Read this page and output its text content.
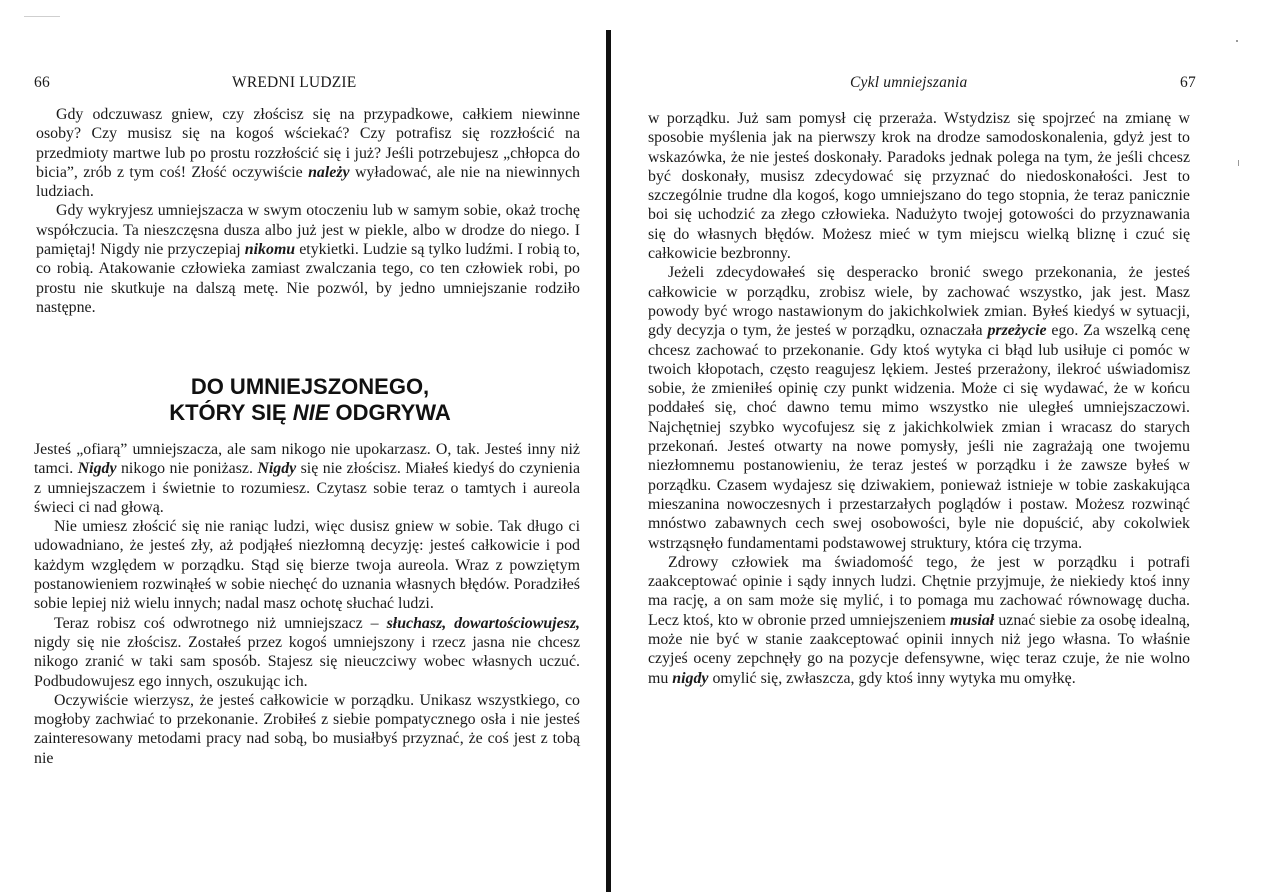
66	WREDNI LUDZIE

Gdy odczuwasz gniew, czy złościsz się na przypadkowe, całkiem niewinne osoby? Czy musisz się na kogoś wściekać? Czy potrafisz się rozzłościć na przedmioty martwe lub po prostu rozzłościć się i już? Jeśli potrzebujesz „chłopca do bicia”, zrób z tym coś! Złość oczywiście należy wyładować, ale nie na niewinnych ludziach.

Gdy wykryjesz umniejszacza w swym otoczeniu lub w samym sobie, okaż trochę współczucia. Ta nieszczęsna dusza albo już jest w piekle, albo w drodze do niego. I pamiętaj! Nigdy nie przyczepiaj nikomu etykietki. Ludzie są tylko ludźmi. I robią to, co robią. Atakowanie człowieka zamiast zwalczania tego, co ten człowiek robi, po prostu nie skutkuje na dalszą metę. Nie pozwól, by jedno umniejszanie rodziło następne.

DO UMNIEJSZONEGO,
KTÓRY SIĘ NIE ODGRYWA

Jesteś „ofiarą” umniejszacza, ale sam nikogo nie upokarzasz. O, tak. Jesteś inny niż tamci. Nigdy nikogo nie poniżasz. Nigdy się nie złościsz. Miałeś kiedyś do czynienia z umniejszaczem i świetnie to rozumiesz. Czytasz sobie teraz o tamtych i aureola świeci ci nad głową.

Nie umiesz złościć się nie raniąc ludzi, więc dusisz gniew w sobie. Tak długo ci udowadniano, że jesteś zły, aż podjąłeś niezłomną decyzję: jesteś całkowicie i pod każdym względem w porządku. Stąd się bierze twoja aureola. Wraz z powziętym postanowieniem rozwinąłeś w sobie niechęć do uznania własnych błędów. Poradziłeś sobie lepiej niż wielu innych; nadal masz ochotę słuchać ludzi.

Teraz robisz coś odwrotnego niż umniejszacz – słuchasz, dowartościowujesz, nigdy się nie złościsz. Zostałeś przez kogoś umniejszony i rzecz jasna nie chcesz nikogo zranić w taki sam sposób. Stajesz się nieuczciwy wobec własnych uczuć. Podbudowujesz ego innych, oszukując ich.

Oczywiście wierzysz, że jesteś całkowicie w porządku. Unikasz wszystkiego, co mogłoby zachwiać to przekonanie. Zrobiłeś z siebie pompatycznego osła i nie jesteś zainteresowany metodami pracy nad sobą, bo musiałbyś przyznać, że coś jest z tobą nie

Cykl umniejszania	67

w porządku. Już sam pomysł cię przeraża. Wstydzisz się spojrzeć na zmianę w sposobie myślenia jak na pierwszy krok na drodze samodoskonalenia, gdyż jest to wskazówka, że nie jesteś doskonały. Paradoks jednak polega na tym, że jeśli chcesz być doskonały, musisz zdecydować się przyznać do niedoskonałości. Jest to szczególnie trudne dla kogoś, kogo umniejszano do tego stopnia, że teraz panicznie boi się uchodzić za złego człowieka. Nadużyto twojej gotowości do przyznawania się do własnych błędów. Możesz mieć w tym miejscu wielką bliznę i czuć się całkowicie bezbronny.

Jeżeli zdecydowałeś się desperacko bronić swego przekonania, że jesteś całkowicie w porządku, zrobisz wiele, by zachować wszystko, jak jest. Masz powody być wrogo nastawionym do jakichkolwiek zmian. Byłeś kiedyś w sytuacji, gdy decyzja o tym, że jesteś w porządku, oznaczała przeżycie ego. Za wszelką cenę chcesz zachować to przekonanie. Gdy ktoś wytyka ci błąd lub usiłuje ci pomóc w twoich kłopotach, często reagujesz lękiem. Jesteś przerażony, ilekroć uświadomisz sobie, że zmieniłeś opinię czy punkt widzenia. Może ci się wydawać, że w końcu poddałeś się, choć dawno temu mimo wszystko nie uległeś umniejszaczowi. Najchętniej szybko wycofujesz się z jakichkolwiek zmian i wracasz do starych przekonań. Jesteś otwarty na nowe pomysły, jeśli nie zagrażają one twojemu niezłomnemu postanowieniu, że teraz jesteś w porządku i że zawsze byłeś w porządku. Czasem wydajesz się dziwakiem, ponieważ istnieje w tobie zaskakująca mieszanina nowoczesnych i przestarzałych poglądów i postaw. Możesz rozwinąć mnóstwo zabawnych cech swej osobowości, byle nie dopuścić, aby cokolwiek wstrząsnęło fundamentami podstawowej struktury, która cię trzyma.

Zdrowy człowiek ma świadomość tego, że jest w porządku i potrafi zaakceptować opinie i sądy innych ludzi. Chętnie przyjmuje, że niekiedy ktoś inny ma rację, a on sam może się mylić, i to pomaga mu zachować równowagę ducha. Lecz ktoś, kto w obronie przed umniejszeniem musiał uznać siebie za osobę idealną, może nie być w stanie zaakceptować opinii innych niż jego własna. To właśnie czyjeś oceny zepchnęły go na pozycje defensywne, więc teraz czuje, że nie wolno mu nigdy omylić się, zwłaszcza, gdy ktoś inny wytyka mu omyłkę.
